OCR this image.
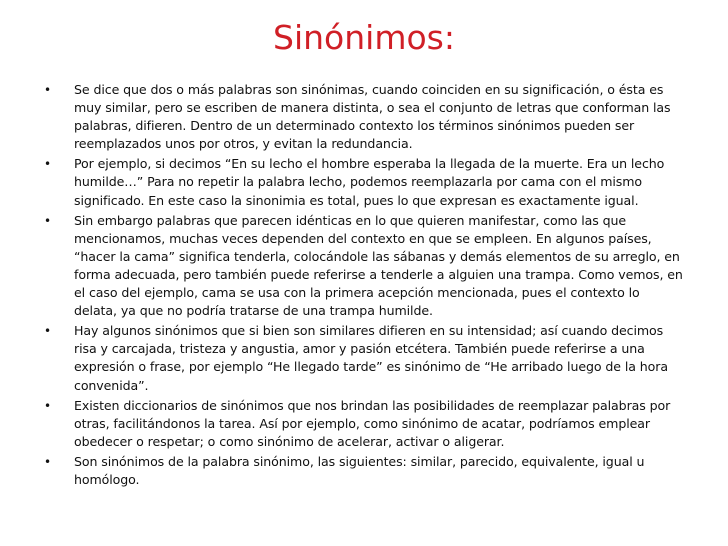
Sinónimos:
• Se dice que dos o más palabras son sinónimas, cuando coinciden en su significación, o ésta es muy similar, pero se escriben de manera distinta, o sea el conjunto de letras que conforman las palabras, difieren. Dentro de un determinado contexto los términos sinónimos pueden ser reemplazados unos por otros, y evitan la redundancia.
• Por ejemplo, si decimos “En su lecho el hombre esperaba la llegada de la muerte. Era un lecho humilde…” Para no repetir la palabra lecho, podemos reemplazarla por cama con el mismo significado. En este caso la sinonimia es total, pues lo que expresan es exactamente igual.
• Sin embargo palabras que parecen idénticas en lo que quieren manifestar, como las que mencionamos, muchas veces dependen del contexto en que se empleen. En algunos países, “hacer la cama” significa tenderla, colocándole las sábanas y demás elementos de su arreglo, en forma adecuada, pero también puede referirse a tenderle a alguien una trampa. Como vemos, en el caso del ejemplo, cama se usa con la primera acepción mencionada, pues el contexto lo delata, ya que no podría tratarse de una trampa humilde.
• Hay algunos sinónimos que si bien son similares difieren en su intensidad; así cuando decimos risa y carcajada, tristeza y angustia, amor y pasión etcétera. También puede referirse a una expresión o frase, por ejemplo “He llegado tarde” es sinónimo de “He arribado luego de la hora convenida”.
• Existen diccionarios de sinónimos que nos brindan las posibilidades de reemplazar palabras por otras, facilitándonos la tarea. Así por ejemplo, como sinónimo de acatar, podríamos emplear obedecer o respetar; o como sinónimo de acelerar, activar o aligerar.
• Son sinónimos de la palabra sinónimo, las siguientes: similar, parecido, equivalente, igual u homólogo.
